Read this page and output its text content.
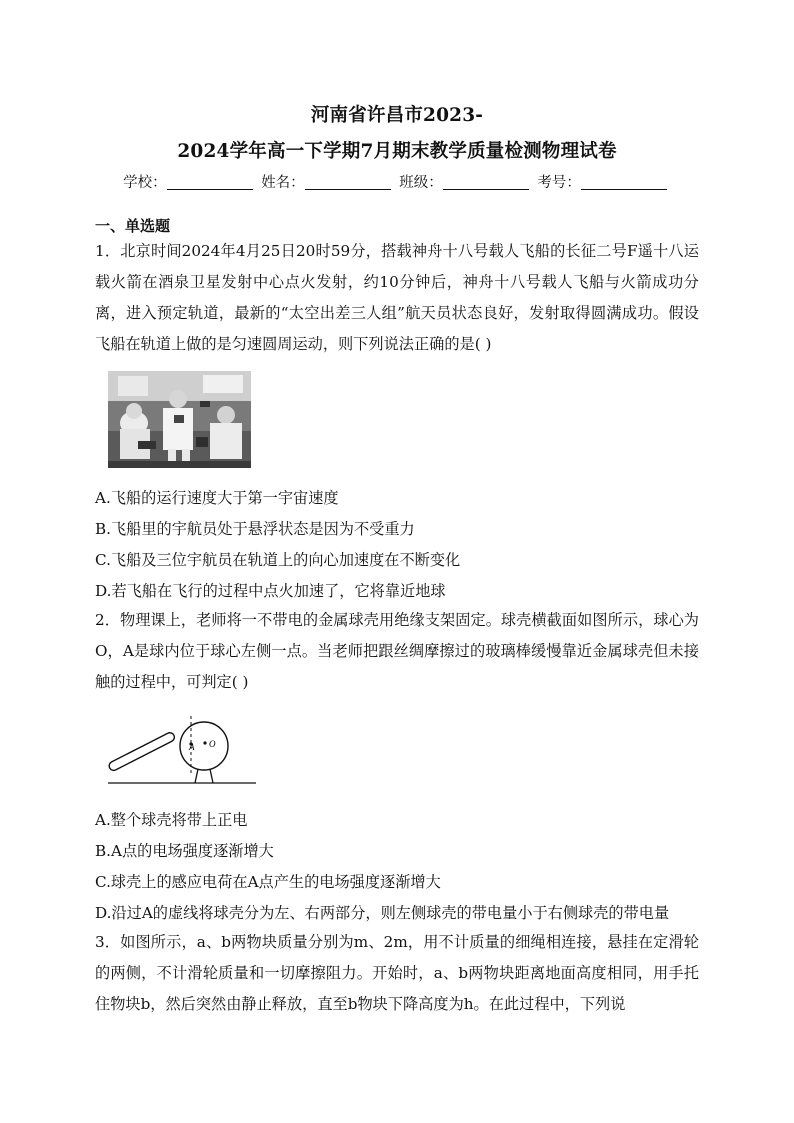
河南省许昌市2023-
2024学年高一下学期7月期末教学质量检测物理试卷
学校：	姓名：	班级：	考号：
一、单选题
1．北京时间2024年4月25日20时59分，搭载神舟十八号载人飞船的长征二号F遥十八运载火箭在酒泉卫星发射中心点火发射，约10分钟后，神舟十八号载人飞船与火箭成功分离，进入预定轨道，最新的“太空出差三人组”航天员状态良好，发射取得圆满成功。假设飞船在轨道上做的是匀速圆周运动，则下列说法正确的是( )
A.飞船的运行速度大于第一宇宙速度
B.飞船里的宇航员处于悬浮状态是因为不受重力
C.飞船及三位宇航员在轨道上的向心加速度在不断变化
D.若飞船在飞行的过程中点火加速了，它将靠近地球
2．物理课上，老师将一不带电的金属球壳用绝缘支架固定。球壳横截面如图所示，球心为O，A是球内位于球心左侧一点。当老师把跟丝绸摩擦过的玻璃棒缓慢靠近金属球壳但未接触的过程中，可判定( )
A O
A.整个球壳将带上正电
B.A点的电场强度逐渐增大
C.球壳上的感应电荷在A点产生的电场强度逐渐增大
D.沿过A的虚线将球壳分为左、右两部分，则左侧球壳的带电量小于右侧球壳的带电量
3．如图所示，a、b两物块质量分别为m、2m，用不计质量的细绳相连接，悬挂在定滑轮的两侧，不计滑轮质量和一切摩擦阻力。开始时，a、b两物块距离地面高度相同，用手托住物块b，然后突然由静止释放，直至b物块下降高度为h。在此过程中，下列说
